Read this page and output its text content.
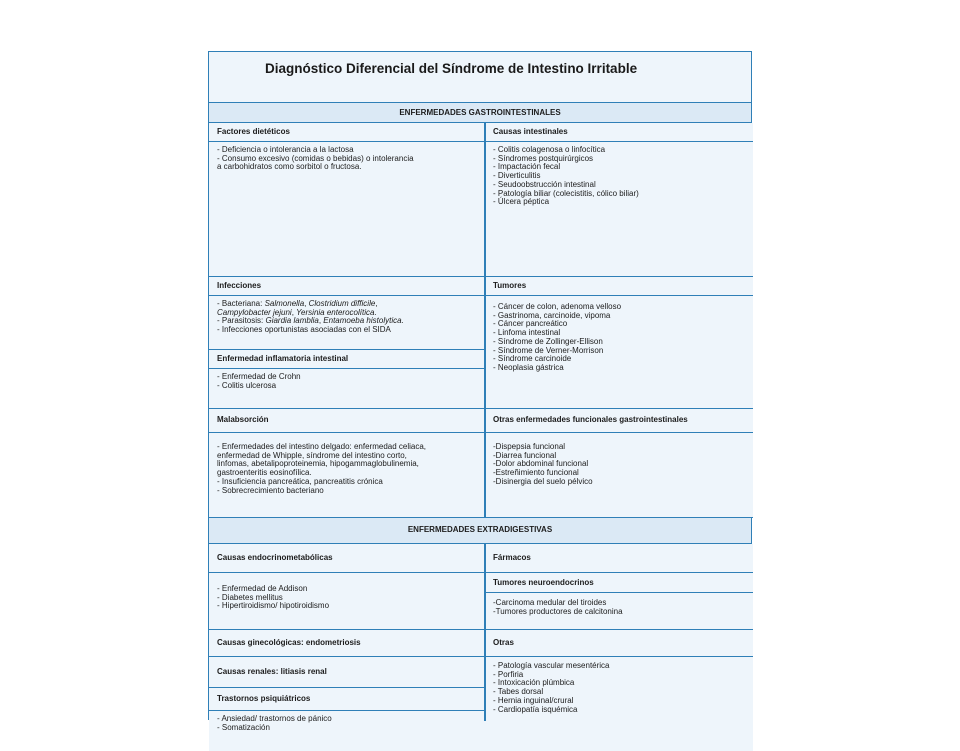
Diagnóstico Diferencial del Síndrome de Intestino Irritable
ENFERMEDADES GASTROINTESTINALES
Factores dietéticos
- Deficiencia o intolerancia a la lactosa
- Consumo excesivo (comidas o bebidas) o intolerancia
a carbohidratos como sorbitol o fructosa.
Infecciones
- Bacteriana: Salmonella, Clostridium difficile,
Campylobacter jejuni, Yersinia enterocolítica.
- Parasitosis: Giardia lamblia, Entamoeba histolytica.
- Infecciones oportunistas asociadas con el SIDA
Enfermedad inflamatoria intestinal
- Enfermedad de Crohn
- Colitis ulcerosa
Malabsorción
- Enfermedades del intestino delgado: enfermedad celiaca,
enfermedad de Whipple, síndrome del intestino corto,
linfomas, abetalipoproteinemia, hipogammaglobulinemia,
gastroenteritis eosinofílica.
- Insuficiencia pancreática, pancreatitis crónica
- Sobrecrecimiento bacteriano
Causas intestinales
- Colitis colagenosa o linfocítica
- Síndromes postquirúrgicos
- Impactación fecal
- Diverticulitis
- Seudoobstrucción intestinal
- Patología biliar (colecistitis, cólico biliar)
- Úlcera péptica
Tumores
- Cáncer de colon, adenoma velloso
- Gastrinoma, carcinoide, vipoma
- Cáncer pancreático
- Linfoma intestinal
- Síndrome de Zollinger-Ellison
- Síndrome de Verner-Morrison
- Síndrome carcinoide
- Neoplasia gástrica
Otras enfermedades funcionales gastrointestinales
-Dispepsia funcional
-Diarrea funcional
-Dolor abdominal funcional
-Estreñimiento funcional
-Disinergia del suelo pélvico
ENFERMEDADES EXTRADIGESTIVAS
Causas endocrinometabólicas
- Enfermedad de Addison
- Diabetes mellitus
- Hipertiroidismo/ hipotiroidismo
Causas ginecológicas: endometriosis
Causas renales: litiasis renal
Trastornos psiquiátricos
- Ansiedad/ trastornos de pánico
- Somatización
Fármacos
Tumores neuroendocrinos
-Carcinoma medular del tiroides
-Tumores productores de calcitonina
Otras
- Patología vascular mesentérica
- Porfiria
- Intoxicación plúmbica
- Tabes dorsal
- Hernia inguinal/crural
- Cardiopatía isquémica
